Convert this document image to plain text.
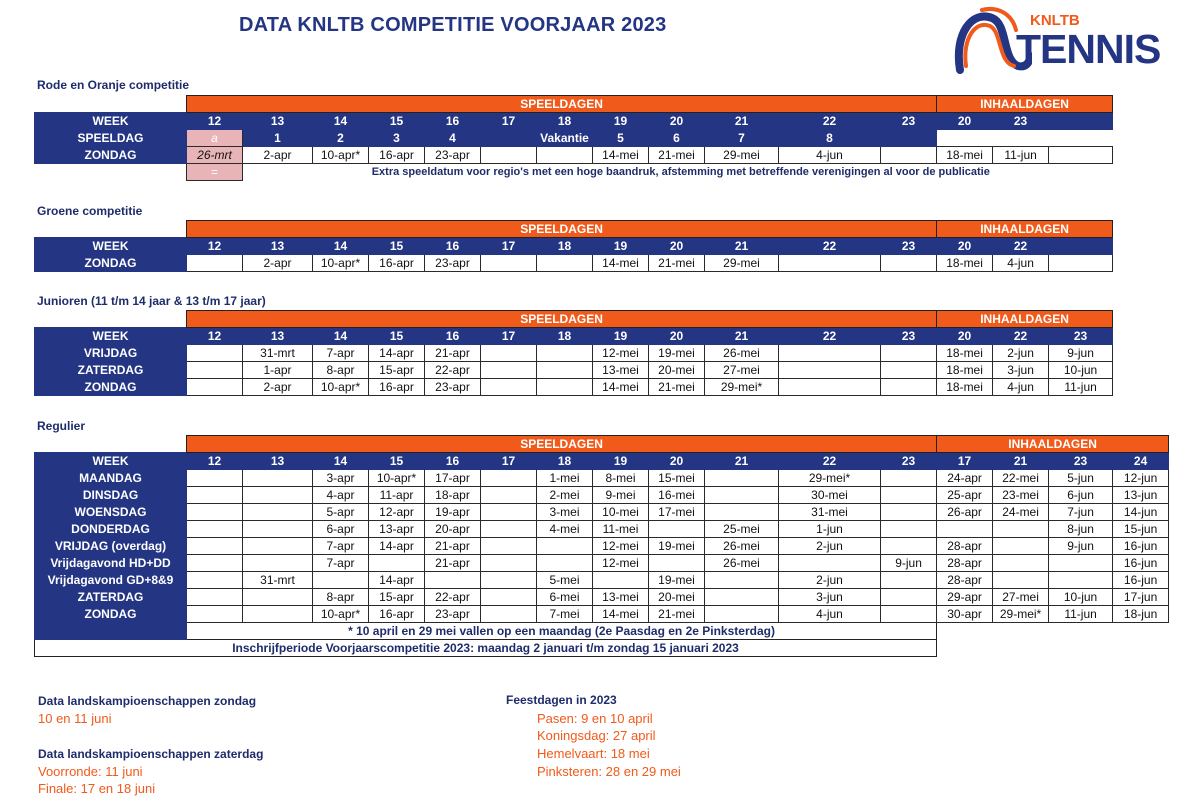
DATA KNLTB COMPETITIE VOORJAAR 2023	KNLTB
TENNIS
Rode en Oranje competitie
	SPEELDAGEN												INHAALDAGEN		
WEEK	12	13	14	15	16	17	18	19	20	21	22	23	20	23	
SPEELDAG	a	1	2	3	4		Vakantie	5	6	7	8				
ZONDAG	26-mrt	2-apr	10-apr*	16-apr	23-apr			14-mei	21-mei	29-mei	4-jun		18-mei	11-jun	
	=	Extra speeldatum voor regio's met een hoge baandruk, afstemming met betreffende verenigingen al voor de publicatie													
Groene competitie
	SPEELDAGEN												INHAALDAGEN		
WEEK	12	13	14	15	16	17	18	19	20	21	22	23	20	22	
ZONDAG		2-apr	10-apr*	16-apr	23-apr			14-mei	21-mei	29-mei			18-mei	4-jun	
Junioren (11 t/m 14 jaar & 13 t/m 17 jaar)
	SPEELDAGEN												INHAALDAGEN		
WEEK	12	13	14	15	16	17	18	19	20	21	22	23	20	22	23
VRIJDAG		31-mrt	7-apr	14-apr	21-apr			12-mei	19-mei	26-mei			18-mei	2-jun	9-jun
ZATERDAG		1-apr	8-apr	15-apr	22-apr			13-mei	20-mei	27-mei			18-mei	3-jun	10-jun
ZONDAG		2-apr	10-apr*	16-apr	23-apr			14-mei	21-mei	29-mei*			18-mei	4-jun	11-jun
Regulier
	SPEELDAGEN												INHAALDAGEN			
WEEK	12	13	14	15	16	17	18	19	20	21	22	23	17	21	23	24
MAANDAG			3-apr	10-apr*	17-apr		1-mei	8-mei	15-mei		29-mei*		24-apr	22-mei	5-jun	12-jun
DINSDAG			4-apr	11-apr	18-apr		2-mei	9-mei	16-mei		30-mei		25-apr	23-mei	6-jun	13-jun
WOENSDAG			5-apr	12-apr	19-apr		3-mei	10-mei	17-mei		31-mei		26-apr	24-mei	7-jun	14-jun
DONDERDAG			6-apr	13-apr	20-apr		4-mei	11-mei		25-mei	1-jun				8-jun	15-jun
VRIJDAG (overdag)			7-apr	14-apr	21-apr			12-mei	19-mei	26-mei	2-jun		28-apr		9-jun	16-jun
Vrijdagavond HD+DD			7-apr		21-apr			12-mei		26-mei		9-jun	28-apr			16-jun
Vrijdagavond GD+8&9		31-mrt		14-apr			5-mei		19-mei		2-jun		28-apr			16-jun
ZATERDAG			8-apr	15-apr	22-apr		6-mei	13-mei	20-mei		3-jun		29-apr	27-mei	10-jun	17-jun
ZONDAG			10-apr*	16-apr	23-apr		7-mei	14-mei	21-mei		4-jun		30-apr	29-mei*	11-jun	18-jun
	* 10 april en 29 mei vallen op een maandag (2e Paasdag en 2e Pinksterdag)															
Inschrijfperiode Voorjaarscompetitie 2023: maandag 2 januari t/m zondag 15 januari 2023																
Data landskampioenschappen zondag
10 en 11 juni
Data landskampioenschappen zaterdag
Voorronde: 11 juni
Finale: 17 en 18 juni
Feestdagen in 2023
Pasen: 9 en 10 april
Koningsdag: 27 april
Hemelvaart: 18 mei
Pinksteren: 28 en 29 mei
